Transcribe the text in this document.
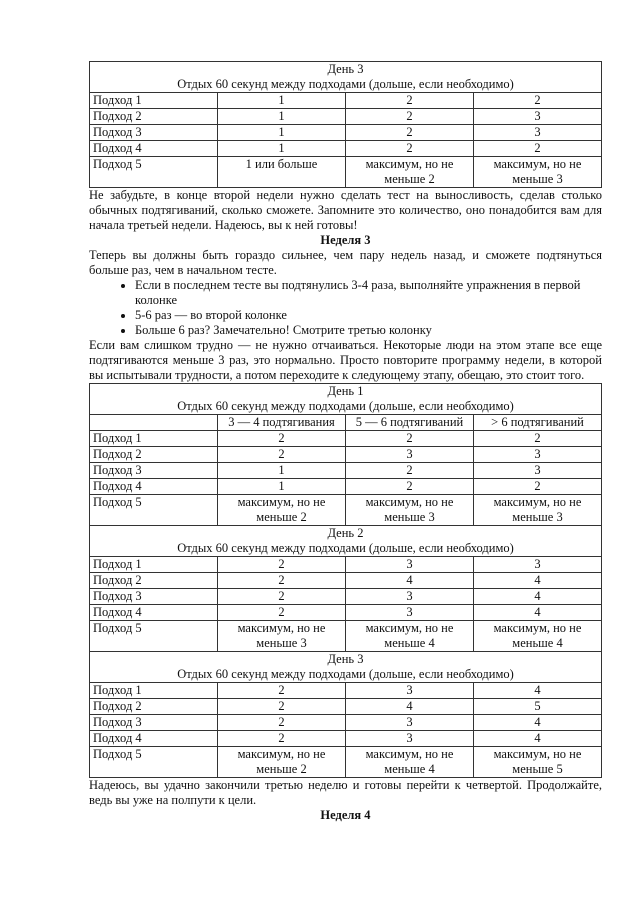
День 3
Отдых 60 секунд между подходами (дольше, если необходимо)			

Подход 1	1	2	2
Подход 2	1	2	3
Подход 3	1	2	3
Подход 4	1	2	2
Подход 5	1 или больше	максимум, но не меньше 2	максимум, но не меньше 3

Не забудьте, в конце второй недели нужно сделать тест на выносливость, сделав столько обычных подтягиваний, сколько сможете. Запомните это количество, оно понадобится вам для начала третьей недели. Надеюсь, вы к ней готовы!

Неделя 3

Теперь вы должны быть гораздо сильнее, чем пару недель назад, и сможете подтянуться больше раз, чем в начальном тесте.

• Если в последнем тесте вы подтянулись 3-4 раза, выполняйте упражнения в первой колонке
• 5-6 раз — во второй колонке
• Больше 6 раз? Замечательно! Смотрите третью колонку

Если вам слишком трудно — не нужно отчаиваться. Некоторые люди на этом этапе все еще подтягиваются меньше 3 раз, это нормально. Просто повторите программу недели, в которой вы испытывали трудности, а потом переходите к следующему этапу, обещаю, это стоит того.

День 1
Отдых 60 секунд между подходами (дольше, если необходимо)			

	3 — 4 подтягивания	5 — 6 подтягиваний	> 6 подтягиваний
Подход 1	2	2	2
Подход 2	2	3	3
Подход 3	1	2	3
Подход 4	1	2	2
Подход 5	максимум, но не меньше 2	максимум, но не меньше 3	максимум, но не меньше 3

День 2
Отдых 60 секунд между подходами (дольше, если необходимо)			

Подход 1	2	3	3
Подход 2	2	4	4
Подход 3	2	3	4
Подход 4	2	3	4
Подход 5	максимум, но не меньше 3	максимум, но не меньше 4	максимум, но не меньше 4

День 3
Отдых 60 секунд между подходами (дольше, если необходимо)			

Подход 1	2	3	4
Подход 2	2	4	5
Подход 3	2	3	4
Подход 4	2	3	4
Подход 5	максимум, но не меньше 2	максимум, но не меньше 4	максимум, но не меньше 5

Надеюсь, вы удачно закончили третью неделю и готовы перейти к четвертой. Продолжайте, ведь вы уже на полпути к цели.

Неделя 4
